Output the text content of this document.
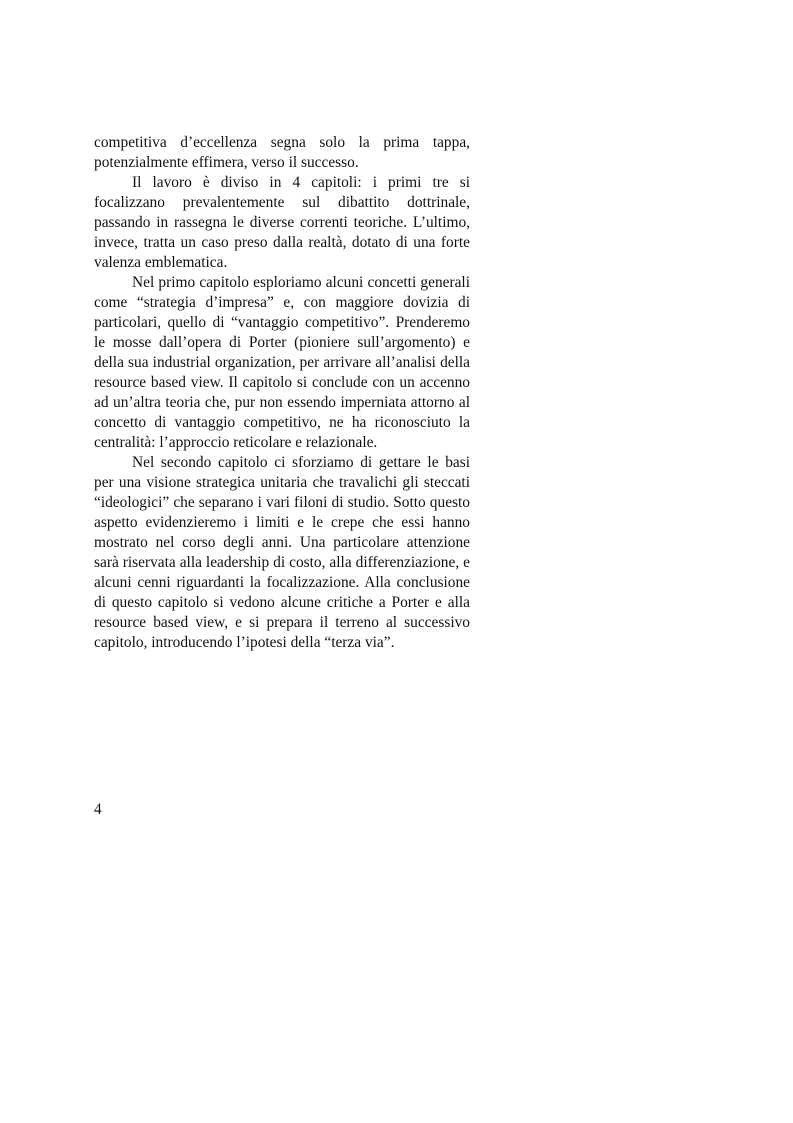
competitiva d’eccellenza segna solo la prima tappa, potenzialmente effimera, verso il successo.

Il lavoro è diviso in 4 capitoli: i primi tre si focalizzano prevalentemente sul dibattito dottrinale, passando in rassegna le diverse correnti teoriche. L’ultimo, invece, tratta un caso preso dalla realtà, dotato di una forte valenza emblematica.

Nel primo capitolo esploriamo alcuni concetti generali come “strategia d’impresa” e, con maggiore dovizia di particolari, quello di “vantaggio competitivo”. Prenderemo le mosse dall’opera di Porter (pioniere sull’argomento) e della sua industrial organization, per arrivare all’analisi della resource based view. Il capitolo si conclude con un accenno ad un’altra teoria che, pur non essendo imperniata attorno al concetto di vantaggio competitivo, ne ha riconosciuto la centralità: l’approccio reticolare e relazionale.

Nel secondo capitolo ci sforziamo di gettare le basi per una visione strategica unitaria che travalichi gli steccati “ideologici” che separano i vari filoni di studio. Sotto questo aspetto evidenzieremo i limiti e le crepe che essi hanno mostrato nel corso degli anni. Una particolare attenzione sarà riservata alla leadership di costo, alla differenziazione, e alcuni cenni riguardanti la focalizzazione. Alla conclusione di questo capitolo si vedono alcune critiche a Porter e alla resource based view, e si prepara il terreno al successivo capitolo, introducendo l’ipotesi della “terza via”.

4
